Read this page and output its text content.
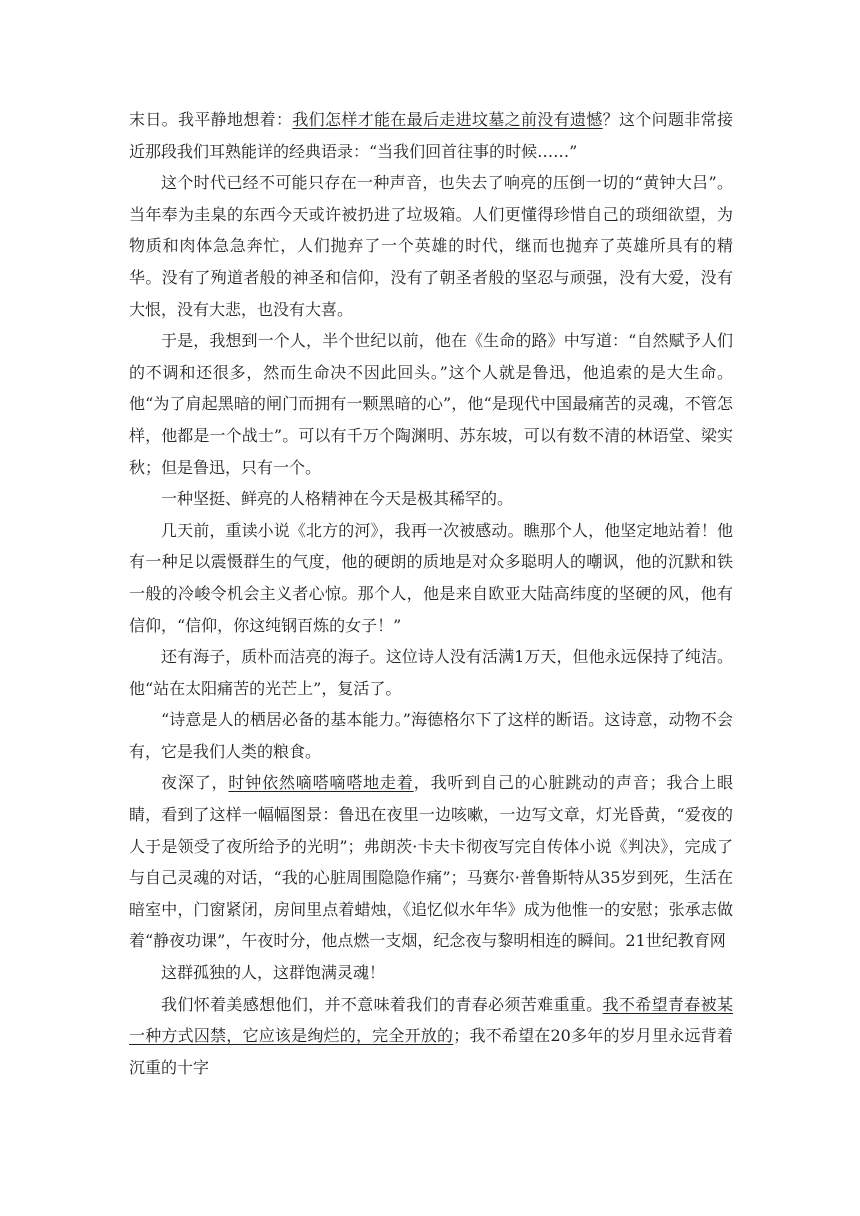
末日。我平静地想着：我们怎样才能在最后走进坟墓之前没有遗憾？这个问题非常接近那段我们耳熟能详的经典语录：“当我们回首往事的时候……”

这个时代已经不可能只存在一种声音，也失去了响亮的压倒一切的“黄钟大吕”。当年奉为圭臬的东西今天或许被扔进了垃圾箱。人们更懂得珍惜自己的琐细欲望，为物质和肉体急急奔忙，人们抛弃了一个英雄的时代，继而也抛弃了英雄所具有的精华。没有了殉道者般的神圣和信仰，没有了朝圣者般的坚忍与顽强，没有大爱，没有大恨，没有大悲，也没有大喜。

于是，我想到一个人，半个世纪以前，他在《生命的路》中写道：“自然赋予人们的不调和还很多，然而生命决不因此回头。”这个人就是鲁迅，他追索的是大生命。他“为了肩起黑暗的闸门而拥有一颗黑暗的心”，他“是现代中国最痛苦的灵魂，不管怎样，他都是一个战士”。可以有千万个陶渊明、苏东坡，可以有数不清的林语堂、梁实秋；但是鲁迅，只有一个。

一种坚挺、鲜亮的人格精神在今天是极其稀罕的。

几天前，重读小说《北方的河》，我再一次被感动。瞧那个人，他坚定地站着！他有一种足以震慑群生的气度，他的硬朗的质地是对众多聪明人的嘲讽，他的沉默和铁一般的冷峻令机会主义者心惊。那个人，他是来自欧亚大陆高纬度的坚硬的风，他有信仰，“信仰，你这纯钢百炼的女子！”

还有海子，质朴而洁亮的海子。这位诗人没有活满1万天，但他永远保持了纯洁。他“站在太阳痛苦的光芒上”，复活了。

“诗意是人的栖居必备的基本能力。”海德格尔下了这样的断语。这诗意，动物不会有，它是我们人类的粮食。

夜深了，时钟依然嘀嗒嘀嗒地走着，我听到自己的心脏跳动的声音；我合上眼睛，看到了这样一幅幅图景：鲁迅在夜里一边咳嗽，一边写文章，灯光昏黄，“爱夜的人于是领受了夜所给予的光明”；弗朗茨·卡夫卡彻夜写完自传体小说《判决》，完成了与自己灵魂的对话，“我的心脏周围隐隐作痛”；马赛尔·普鲁斯特从35岁到死，生活在暗室中，门窗紧闭，房间里点着蜡烛，《追忆似水年华》成为他惟一的安慰；张承志做着“静夜功课”，午夜时分，他点燃一支烟，纪念夜与黎明相连的瞬间。21世纪教育网

这群孤独的人，这群饱满灵魂！

我们怀着美感想他们，并不意味着我们的青春必须苦难重重。我不希望青春被某一种方式囚禁，它应该是绚烂的，完全开放的；我不希望在20多年的岁月里永远背着沉重的十字
